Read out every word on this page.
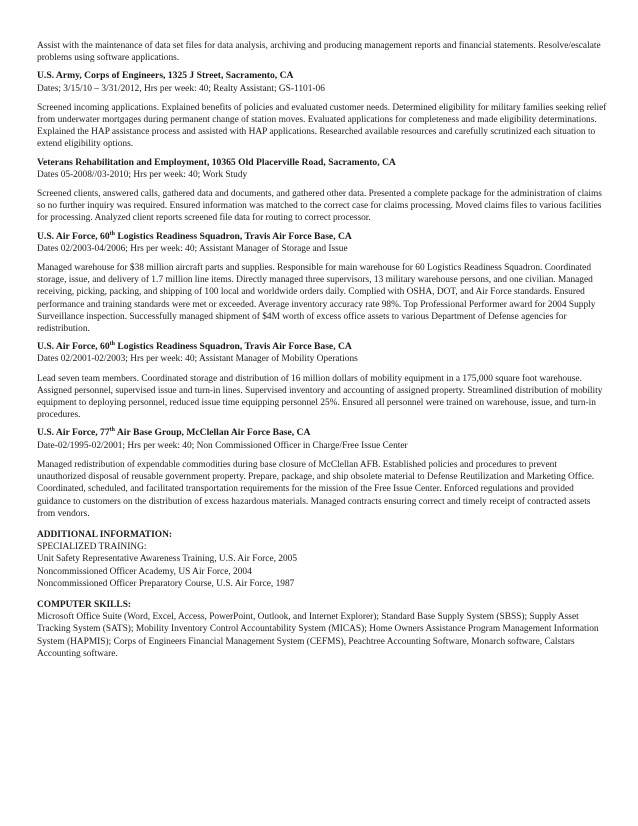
Assist with the maintenance of data set files for data analysis, archiving and producing management reports and financial statements. Resolve/escalate problems using software applications.

U.S. Army, Corps of Engineers, 1325 J Street, Sacramento, CA

Dates; 3/15/10 – 3/31/2012, Hrs per week: 40; Realty Assistant; GS-1101-06

Screened incoming applications. Explained benefits of policies and evaluated customer needs. Determined eligibility for military families seeking relief from underwater mortgages during permanent change of station moves. Evaluated applications for completeness and made eligibility determinations. Explained the HAP assistance process and assisted with HAP applications. Researched available resources and carefully scrutinized each situation to extend eligibility options.

Veterans Rehabilitation and Employment, 10365 Old Placerville Road, Sacramento, CA

Dates 05-2008//03-2010; Hrs per week: 40; Work Study

Screened clients, answered calls, gathered data and documents, and gathered other data. Presented a complete package for the administration of claims so no further inquiry was required. Ensured information was matched to the correct case for claims processing. Moved claims files to various facilities for processing. Analyzed client reports screened file data for routing to correct processor.

U.S. Air Force, 60th Logistics Readiness Squadron, Travis Air Force Base, CA

Dates 02/2003-04/2006; Hrs per week: 40; Assistant Manager of Storage and Issue

Managed warehouse for $38 million aircraft parts and supplies. Responsible for main warehouse for 60 Logistics Readiness Squadron. Coordinated storage, issue, and delivery of 1.7 million line items. Directly managed three supervisors, 13 military warehouse persons, and one civilian. Managed receiving, picking, packing, and shipping of 100 local and worldwide orders daily. Complied with OSHA, DOT, and Air Force standards. Ensured performance and training standards were met or exceeded. Average inventory accuracy rate 98%. Top Professional Performer award for 2004 Supply Surveillance inspection. Successfully managed shipment of $4M worth of excess office assets to various Department of Defense agencies for redistribution.

U.S. Air Force, 60th Logistics Readiness Squadron, Travis Air Force Base, CA

Dates 02/2001-02/2003; Hrs per week: 40; Assistant Manager of Mobility Operations

Lead seven team members. Coordinated storage and distribution of 16 million dollars of mobility equipment in a 175,000 square foot warehouse. Assigned personnel, supervised issue and turn-in lines. Supervised inventory and accounting of assigned property. Streamlined distribution of mobility equipment to deploying personnel, reduced issue time equipping personnel 25%. Ensured all personnel were trained on warehouse, issue, and turn-in procedures.

U.S. Air Force, 77th Air Base Group, McClellan Air Force Base, CA

Date-02/1995-02/2001; Hrs per week: 40; Non Commissioned Officer in Charge/Free Issue Center

Managed redistribution of expendable commodities during base closure of McClellan AFB. Established policies and procedures to prevent unauthorized disposal of reusable government property. Prepare, package, and ship obsolete material to Defense Reutilization and Marketing Office. Coordinated, scheduled, and facilitated transportation requirements for the mission of the Free Issue Center. Enforced regulations and provided guidance to customers on the distribution of excess hazardous materials. Managed contracts ensuring correct and timely receipt of contracted assets from vendors.

ADDITIONAL INFORMATION:

SPECIALIZED TRAINING:

Unit Safety Representative Awareness Training, U.S. Air Force, 2005

Noncommissioned Officer Academy, US Air Force, 2004

Noncommissioned Officer Preparatory Course, U.S. Air Force, 1987

COMPUTER SKILLS:

Microsoft Office Suite (Word, Excel, Access, PowerPoint, Outlook, and Internet Explorer); Standard Base Supply System (SBSS); Supply Asset Tracking System (SATS); Mobility Inventory Control Accountability System (MICAS); Home Owners Assistance Program Management Information System (HAPMIS); Corps of Engineers Financial Management System (CEFMS), Peachtree Accounting Software, Monarch software, Calstars Accounting software.
